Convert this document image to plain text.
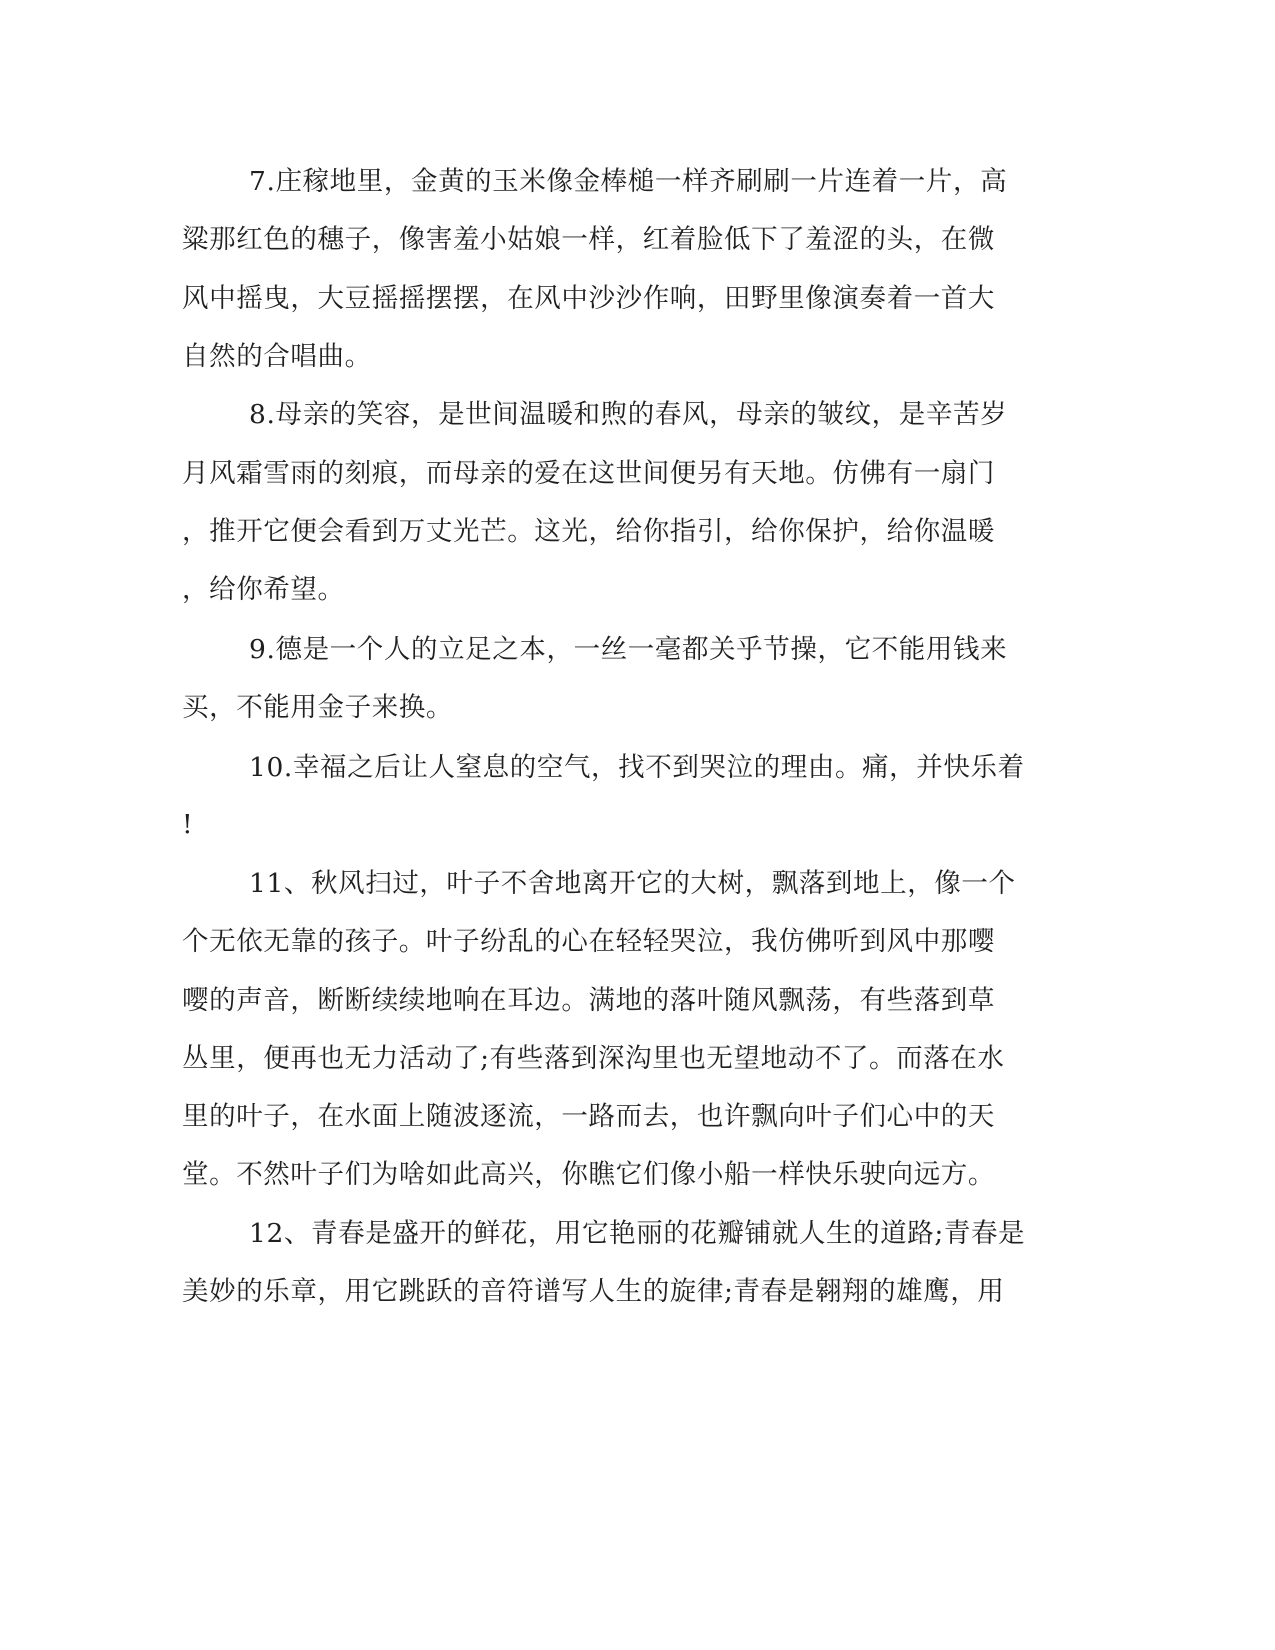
7.庄稼地里，金黄的玉米像金棒槌一样齐刷刷一片连着一片，高
粱那红色的穗子，像害羞小姑娘一样，红着脸低下了羞涩的头，在微
风中摇曳，大豆摇摇摆摆，在风中沙沙作响，田野里像演奏着一首大
自然的合唱曲。
8.母亲的笑容，是世间温暖和煦的春风，母亲的皱纹，是辛苦岁
月风霜雪雨的刻痕，而母亲的爱在这世间便另有天地。仿佛有一扇门
，推开它便会看到万丈光芒。这光，给你指引，给你保护，给你温暖
，给你希望。
9.德是一个人的立足之本，一丝一毫都关乎节操，它不能用钱来
买，不能用金子来换。
10.幸福之后让人窒息的空气，找不到哭泣的理由。痛，并快乐着
!
11、秋风扫过，叶子不舍地离开它的大树，飘落到地上，像一个
个无依无靠的孩子。叶子纷乱的心在轻轻哭泣，我仿佛听到风中那嘤
嘤的声音，断断续续地响在耳边。满地的落叶随风飘荡，有些落到草
丛里，便再也无力活动了;有些落到深沟里也无望地动不了。而落在水
里的叶子，在水面上随波逐流，一路而去，也许飘向叶子们心中的天
堂。不然叶子们为啥如此高兴，你瞧它们像小船一样快乐驶向远方。
12、青春是盛开的鲜花，用它艳丽的花瓣铺就人生的道路;青春是
美妙的乐章，用它跳跃的音符谱写人生的旋律;青春是翱翔的雄鹰，用
